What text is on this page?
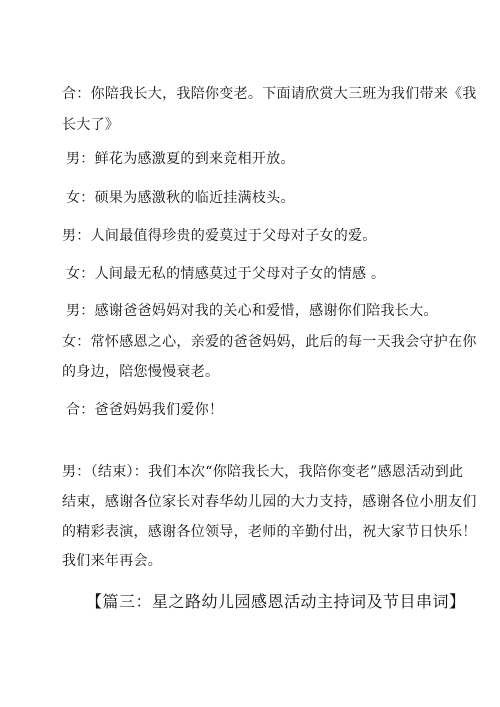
合：你陪我长大，我陪你变老。下面请欣赏大三班为我们带来《我
长大了》
男：鲜花为感激夏的到来竞相开放。
女：硕果为感激秋的临近挂满枝头。
男：人间最值得珍贵的爱莫过于父母对子女的爱。
女：人间最无私的情感莫过于父母对子女的情感 。
男：感谢爸爸妈妈对我的关心和爱惜，感谢你们陪我长大。
女：常怀感恩之心，亲爱的爸爸妈妈，此后的每一天我会守护在你
的身边，陪您慢慢衰老。
合：爸爸妈妈我们爱你！
男：（结束）：我们本次“你陪我长大，我陪你变老”感恩活动到此
结束，感谢各位家长对春华幼儿园的大力支持，感谢各位小朋友们
的精彩表演，感谢各位领导，老师的辛勤付出，祝大家节日快乐！
我们来年再会。
【篇三：星之路幼儿园感恩活动主持词及节目串词】
